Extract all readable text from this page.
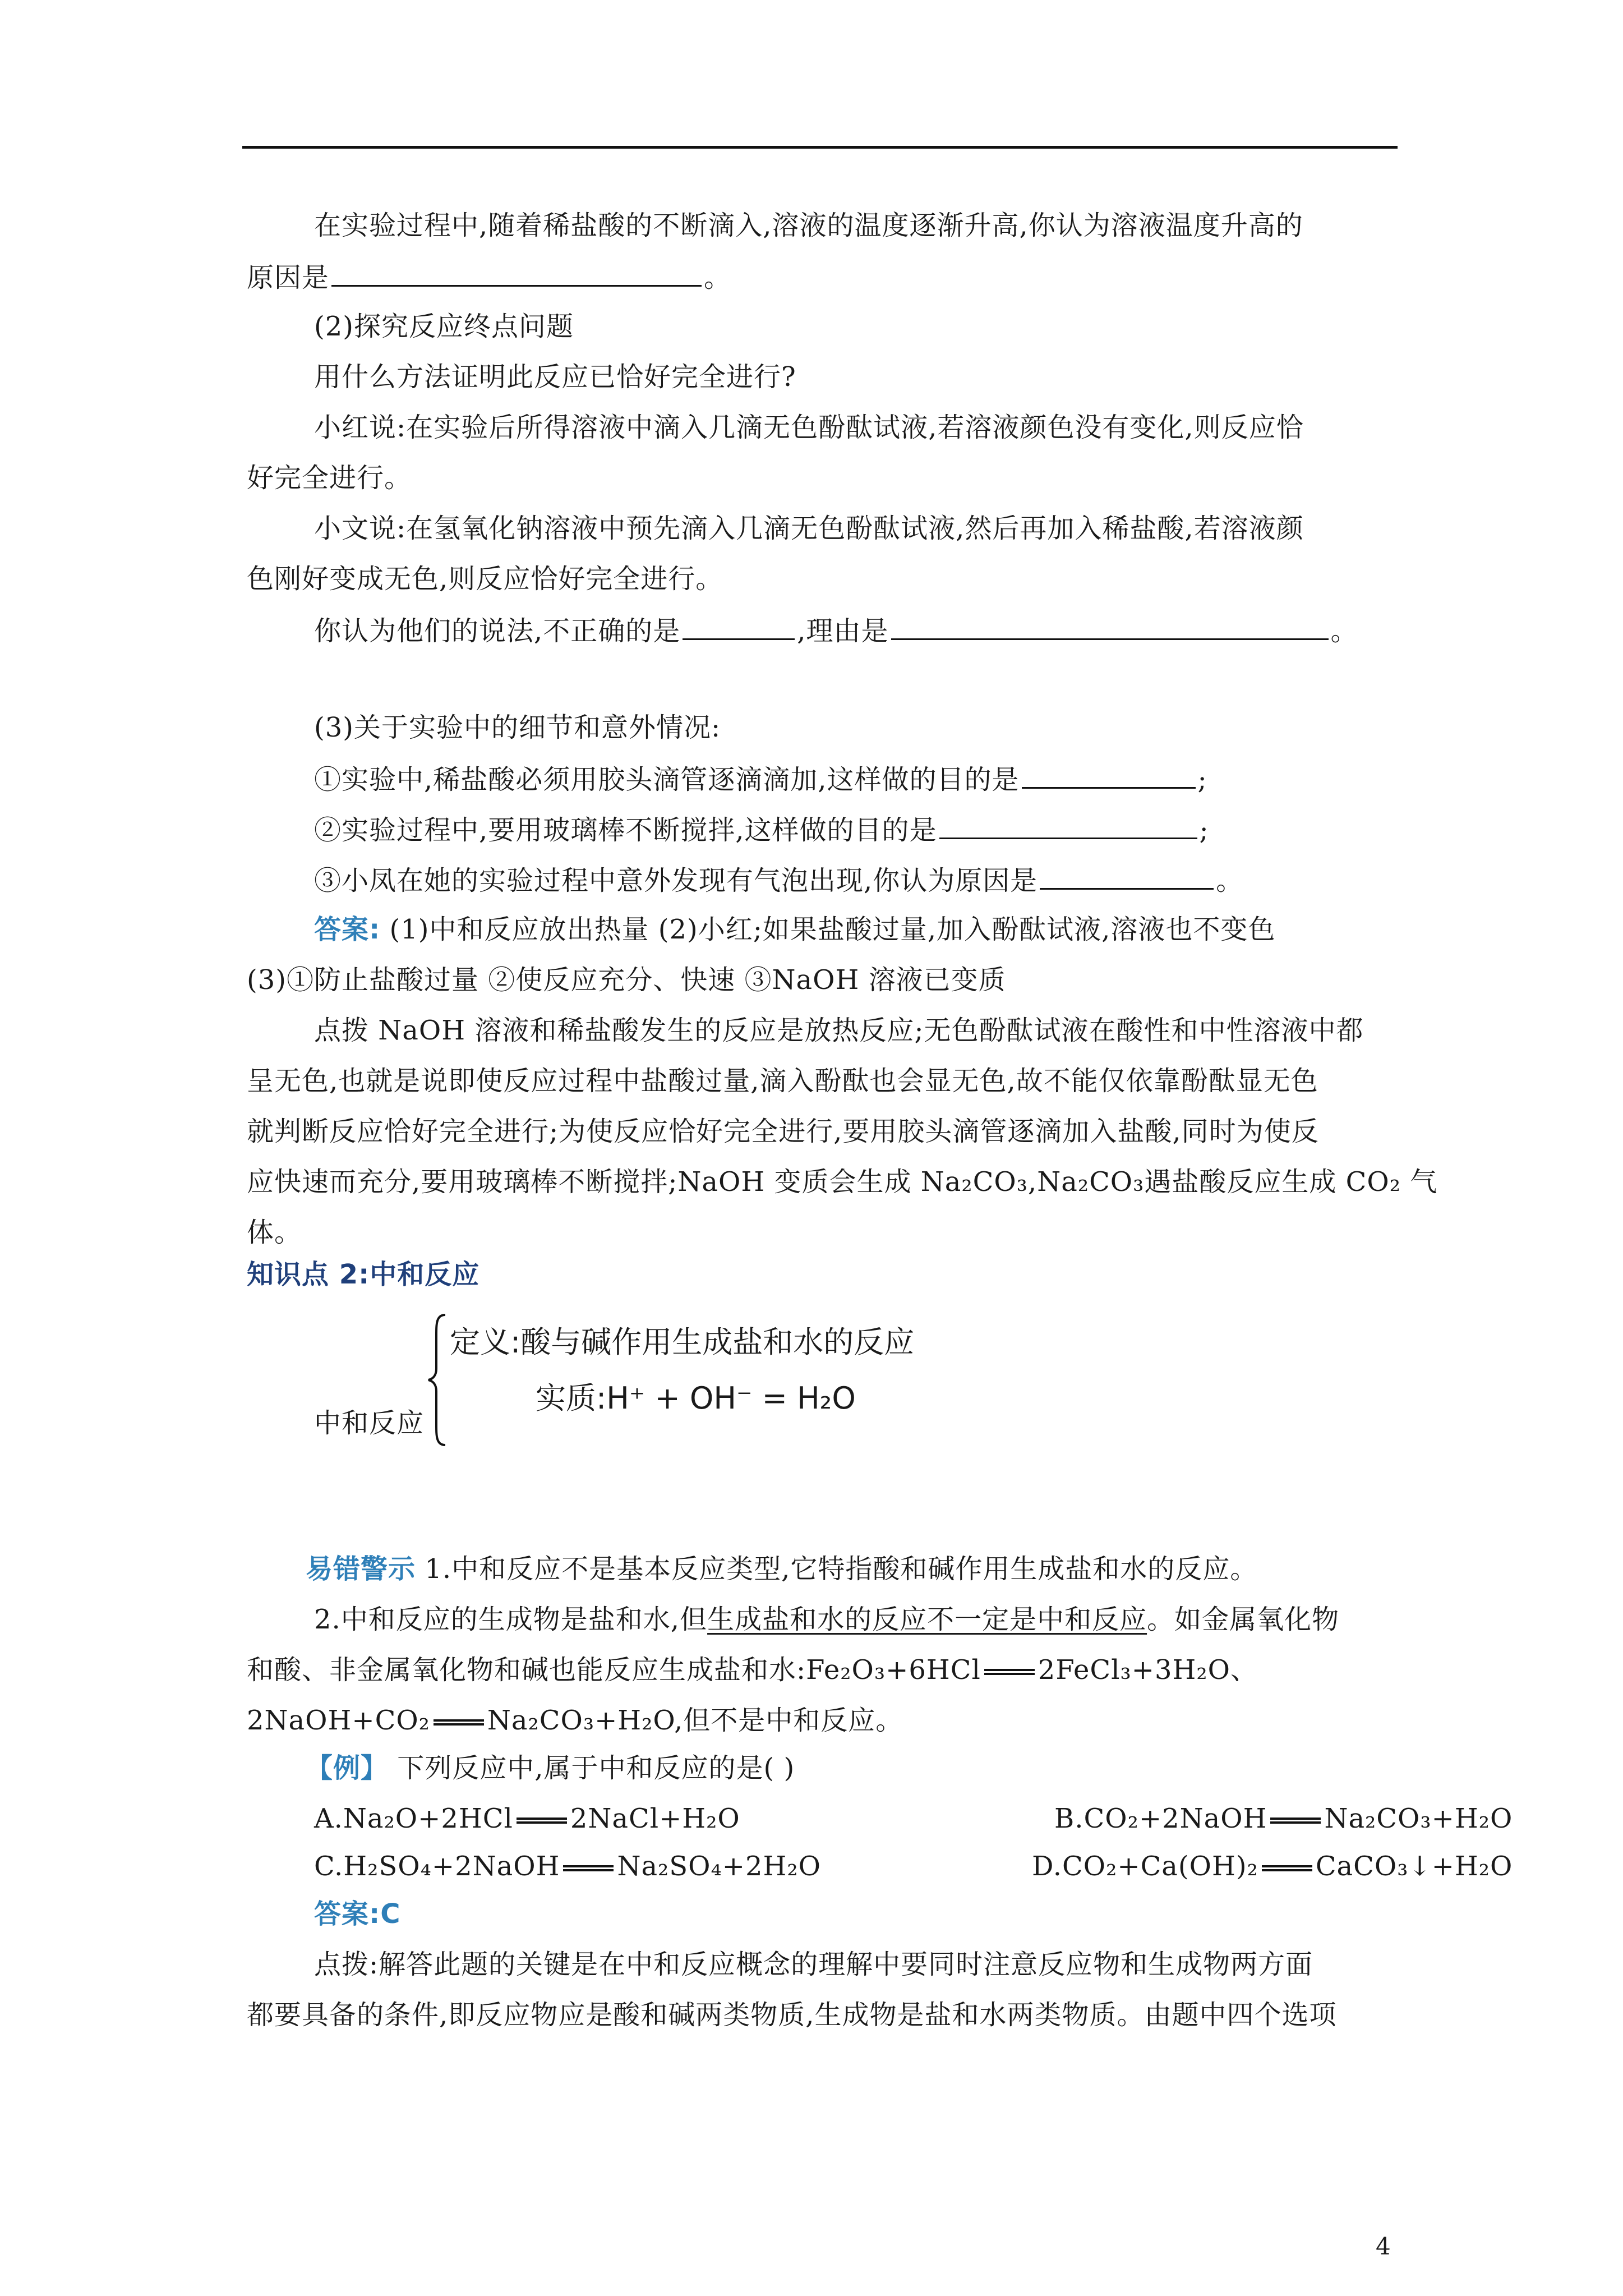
在实验过程中,随着稀盐酸的不断滴入,溶液的温度逐渐升高,你认为溶液温度升高的
原因是	。
(2)探究反应终点问题
用什么方法证明此反应已恰好完全进行?
小红说:在实验后所得溶液中滴入几滴无色酚酞试液,若溶液颜色没有变化,则反应恰
好完全进行。
小文说:在氢氧化钠溶液中预先滴入几滴无色酚酞试液,然后再加入稀盐酸,若溶液颜
色刚好变成无色,则反应恰好完全进行。
你认为他们的说法,不正确的是	,理由是	。
(3)关于实验中的细节和意外情况:
①实验中,稀盐酸必须用胶头滴管逐滴滴加,这样做的目的是	;
②实验过程中,要用玻璃棒不断搅拌,这样做的目的是	;
③小凤在她的实验过程中意外发现有气泡出现,你认为原因是	。
答案: (1)中和反应放出热量 (2)小红;如果盐酸过量,加入酚酞试液,溶液也不变色
(3)①防止盐酸过量 ②使反应充分、快速 ③NaOH 溶液已变质
点拨 NaOH 溶液和稀盐酸发生的反应是放热反应;无色酚酞试液在酸性和中性溶液中都
呈无色,也就是说即使反应过程中盐酸过量,滴入酚酞也会显无色,故不能仅依靠酚酞显无色
就判断反应恰好完全进行;为使反应恰好完全进行,要用胶头滴管逐滴加入盐酸,同时为使反
应快速而充分,要用玻璃棒不断搅拌;NaOH 变质会生成 Na₂CO₃,Na₂CO₃遇盐酸反应生成 CO₂ 气
体。
知识点 2:中和反应
定义:酸与碱作用生成盐和水的反应
实质:H⁺ + OH⁻ = H₂O
中和反应
易错警示 1.中和反应不是基本反应类型,它特指酸和碱作用生成盐和水的反应。
2.中和反应的生成物是盐和水,但生成盐和水的反应不一定是中和反应。如金属氧化物
和酸、非金属氧化物和碱也能反应生成盐和水:Fe₂O₃+6HCl 2FeCl₃+3H₂O、
2NaOH+CO₂ Na₂CO₃+H₂O,但不是中和反应。
【例】 下列反应中,属于中和反应的是( )
A.Na₂O+2HCl 2NaCl+H₂O	B.CO₂+2NaOH Na₂CO₃+H₂O
C.H₂SO₄+2NaOH Na₂SO₄+2H₂O	D.CO₂+Ca(OH)₂ CaCO₃↓+H₂O
答案:C
点拨:解答此题的关键是在中和反应概念的理解中要同时注意反应物和生成物两方面
都要具备的条件,即反应物应是酸和碱两类物质,生成物是盐和水两类物质。由题中四个选项
4
